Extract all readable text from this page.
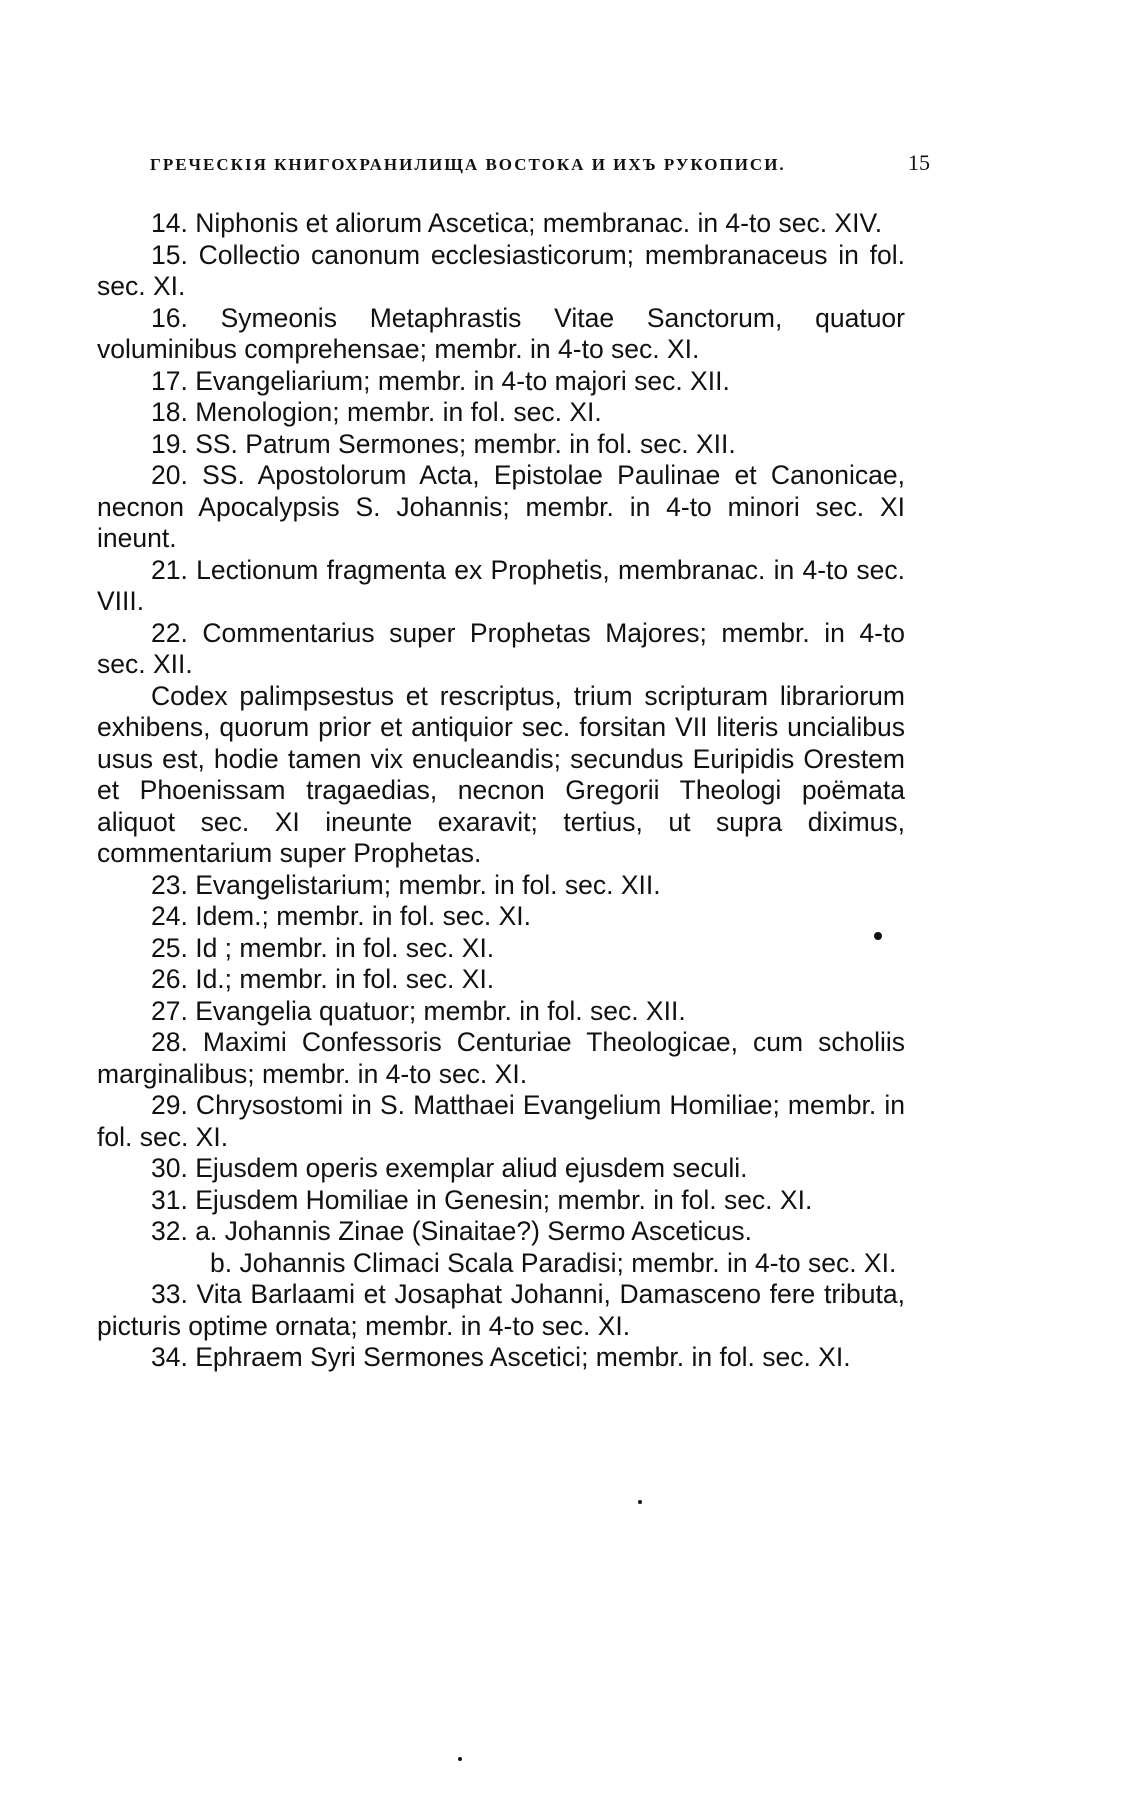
ГРЕЧЕСКІЯ КНИГОХРАНИЛИЩА ВОСТОКА И ИХЪ РУКОПИСИ.	15

14. Niphonis et aliorum Ascetica; membranac. in 4-to sec. XIV.

15. Collectio canonum ecclesiasticorum; membranaceus in fol. sec. XI.

16. Symeonis Metaphrastis Vitae Sanctorum, quatuor voluminibus comprehensae; membr. in 4-to sec. XI.

17. Evangeliarium; membr. in 4-to majori sec. XII.

18. Menologion; membr. in fol. sec. XI.

19. SS. Patrum Sermones; membr. in fol. sec. XII.

20. SS. Apostolorum Acta, Epistolae Paulinae et Canonicae, necnon Apocalypsis S. Johannis; membr. in 4-to minori sec. XI ineunt.

21. Lectionum fragmenta ex Prophetis, membranac. in 4-to sec. VIII.

22. Commentarius super Prophetas Majores; membr. in 4-to sec. XII.

Codex palimpsestus et rescriptus, trium scripturam librariorum exhibens, quorum prior et antiquior sec. forsitan VII literis uncialibus usus est, hodie tamen vix enucleandis; secundus Euripidis Orestem et Phoenissam tragaedias, necnon Gregorii Theologi poëmata aliquot sec. XI ineunte exaravit; tertius, ut supra diximus, commentarium super Prophetas.

23. Evangelistarium; membr. in fol. sec. XII.

24. Idem.; membr. in fol. sec. XI.

25. Id ; membr. in fol. sec. XI.

26. Id.; membr. in fol. sec. XI.

27. Evangelia quatuor; membr. in fol. sec. XII.

28. Maximi Confessoris Centuriae Theologicae, cum scholiis marginalibus; membr. in 4-to sec. XI.

29. Chrysostomi in S. Matthaei Evangelium Homiliae; membr. in fol. sec. XI.

30. Ejusdem operis exemplar aliud ejusdem seculi.

31. Ejusdem Homiliae in Genesin; membr. in fol. sec. XI.

32. a. Johannis Zinae (Sinaitae?) Sermo Asceticus.

b. Johannis Climaci Scala Paradisi; membr. in 4-to sec. XI.

33. Vita Barlaami et Josaphat Johanni, Damasceno fere tributa, picturis optime ornata; membr. in 4-to sec. XI.

34. Ephraem Syri Sermones Ascetici; membr. in fol. sec. XI.
